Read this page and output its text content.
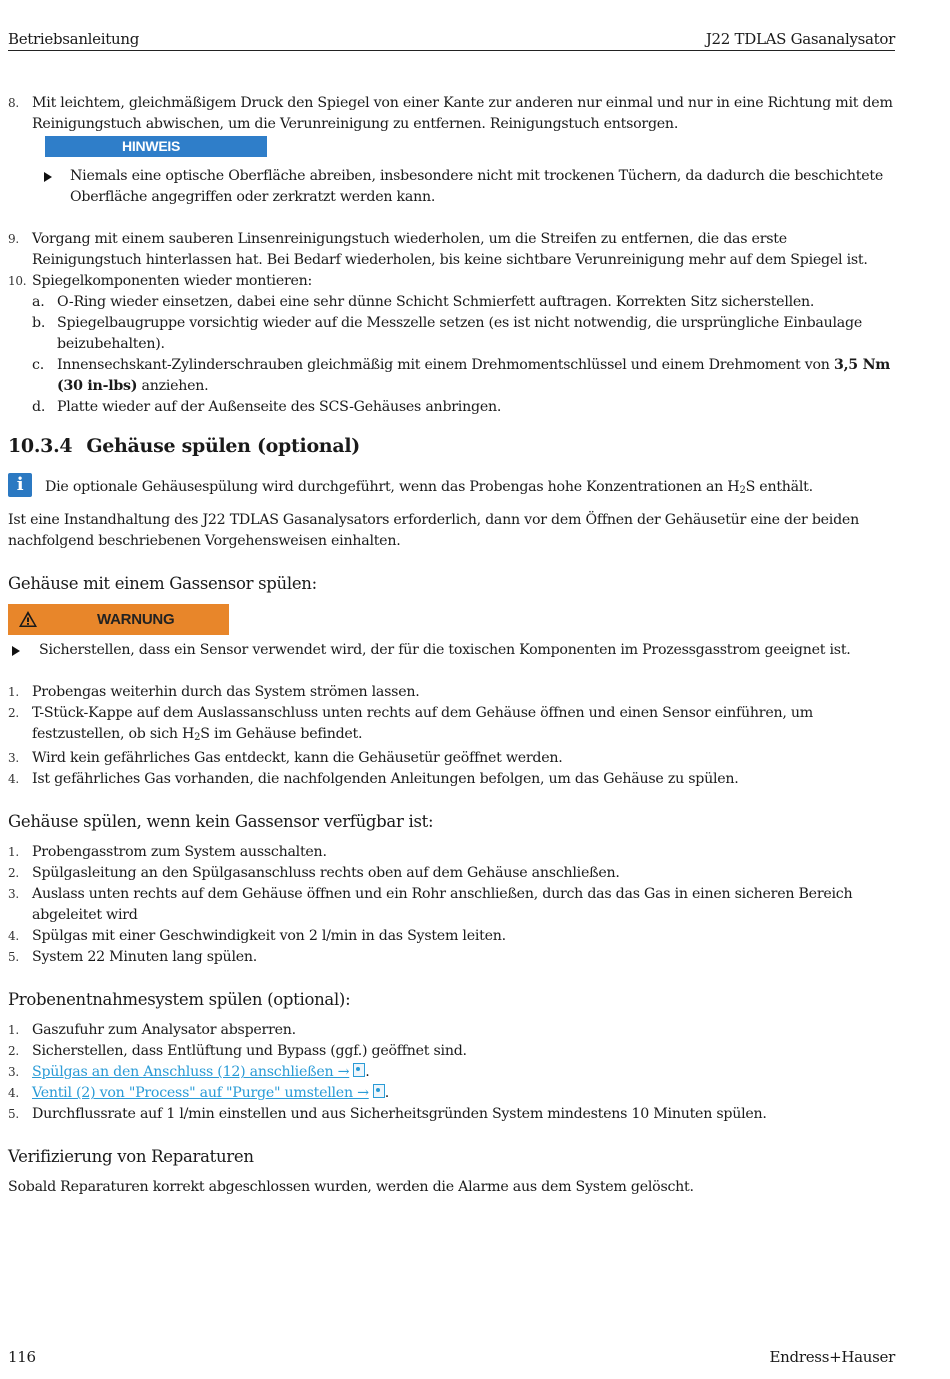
Betriebsanleitung	J22 TDLAS Gasanalysator
8. Mit leichtem, gleichmäßigem Druck den Spiegel von einer Kante zur anderen nur einmal und nur in eine Richtung mit dem Reinigungstuch abwischen, um die Verunreinigung zu entfernen. Reinigungstuch entsorgen.
HINWEIS
Niemals eine optische Oberfläche abreiben, insbesondere nicht mit trockenen Tüchern, da dadurch die beschichtete Oberfläche angegriffen oder zerkratzt werden kann.
9. Vorgang mit einem sauberen Linsenreinigungstuch wiederholen, um die Streifen zu entfernen, die das erste Reinigungstuch hinterlassen hat. Bei Bedarf wiederholen, bis keine sichtbare Verunreinigung mehr auf dem Spiegel ist.
10. Spiegelkomponenten wieder montieren:
a. O-Ring wieder einsetzen, dabei eine sehr dünne Schicht Schmierfett auftragen. Korrekten Sitz sicherstellen.
b. Spiegelbaugruppe vorsichtig wieder auf die Messzelle setzen (es ist nicht notwendig, die ursprüngliche Einbaulage beizubehalten).
c. Innensechskant-Zylinderschrauben gleichmäßig mit einem Drehmomentschlüssel und einem Drehmoment von 3,5 Nm (30 in-lbs) anziehen.
d. Platte wieder auf der Außenseite des SCS-Gehäuses anbringen.
10.3.4 Gehäuse spülen (optional)
i	Die optionale Gehäusespülung wird durchgeführt, wenn das Probengas hohe Konzentrationen an $H_2S$ enthält.
Ist eine Instandhaltung des J22 TDLAS Gasanalysators erforderlich, dann vor dem Öffnen der Gehäusetür eine der beiden nachfolgend beschriebenen Vorgehensweisen einhalten.
Gehäuse mit einem Gassensor spülen:
WARNUNG
Sicherstellen, dass ein Sensor verwendet wird, der für die toxischen Komponenten im Prozessgasstrom geeignet ist.
1. Probengas weiterhin durch das System strömen lassen.
2. T-Stück-Kappe auf dem Auslassanschluss unten rechts auf dem Gehäuse öffnen und einen Sensor einführen, um festzustellen, ob sich $H_2S$ im Gehäuse befindet.
3. Wird kein gefährliches Gas entdeckt, kann die Gehäusetür geöffnet werden.
4. Ist gefährliches Gas vorhanden, die nachfolgenden Anleitungen befolgen, um das Gehäuse zu spülen.
Gehäuse spülen, wenn kein Gassensor verfügbar ist:
1. Probengasstrom zum System ausschalten.
2. Spülgasleitung an den Spülgasanschluss rechts oben auf dem Gehäuse anschließen.
3. Auslass unten rechts auf dem Gehäuse öffnen und ein Rohr anschließen, durch das das Gas in einen sicheren Bereich abgeleitet wird
4. Spülgas mit einer Geschwindigkeit von 2 l/min in das System leiten.
5. System 22 Minuten lang spülen.
Probenentnahmesystem spülen (optional):
1. Gaszufuhr zum Analysator absperren.
2. Sicherstellen, dass Entlüftung und Bypass (ggf.) geöffnet sind.
3. Spülgas an den Anschluss (12) anschließen → .
4. Ventil (2) von "Process" auf "Purge" umstellen → .
5. Durchflussrate auf 1 l/min einstellen und aus Sicherheitsgründen System mindestens 10 Minuten spülen.
Verifizierung von Reparaturen
Sobald Reparaturen korrekt abgeschlossen wurden, werden die Alarme aus dem System gelöscht.
116	Endress+Hauser
